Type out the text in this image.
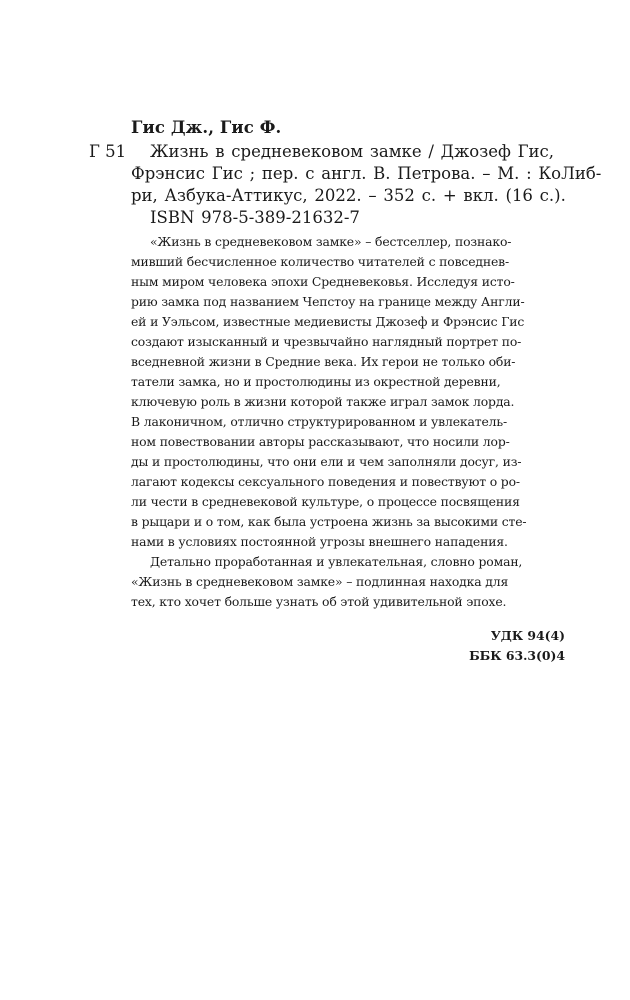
Гис Дж., Гис Ф.
Г 51 Жизнь в средневековом замке / Джозеф Гис,
Фрэнсис Гис ; пер. с англ. В. Петрова. – М. : КоЛиб-
ри, Азбука-Аттикус, 2022. – 352 с. + вкл. (16 с.).
ISBN 978-5-389-21632-7
«Жизнь в средневековом замке» – бестселлер, познако-
мивший бесчисленное количество читателей с повседнев-
ным миром человека эпохи Средневековья. Исследуя исто-
рию замка под названием Чепстоу на границе между Англи-
ей и Уэльсом, известные медиевисты Джозеф и Фрэнсис Гис
создают изысканный и чрезвычайно наглядный портрет по-
вседневной жизни в Средние века. Их герои не только оби-
татели замка, но и простолюдины из окрестной деревни,
ключевую роль в жизни которой также играл замок лорда.
В лаконичном, отлично структурированном и увлекатель-
ном повествовании авторы рассказывают, что носили лор-
ды и простолюдины, что они ели и чем заполняли досуг, из-
лагают кодексы сексуального поведения и повествуют о ро-
ли чести в средневековой культуре, о процессе посвящения
в рыцари и о том, как была устроена жизнь за высокими сте-
нами в условиях постоянной угрозы внешнего нападения.
Детально проработанная и увлекательная, словно роман,
«Жизнь в средневековом замке» – подлинная находка для
тех, кто хочет больше узнать об этой удивительной эпохе.
УДК 94(4)
ББК 63.3(0)4
